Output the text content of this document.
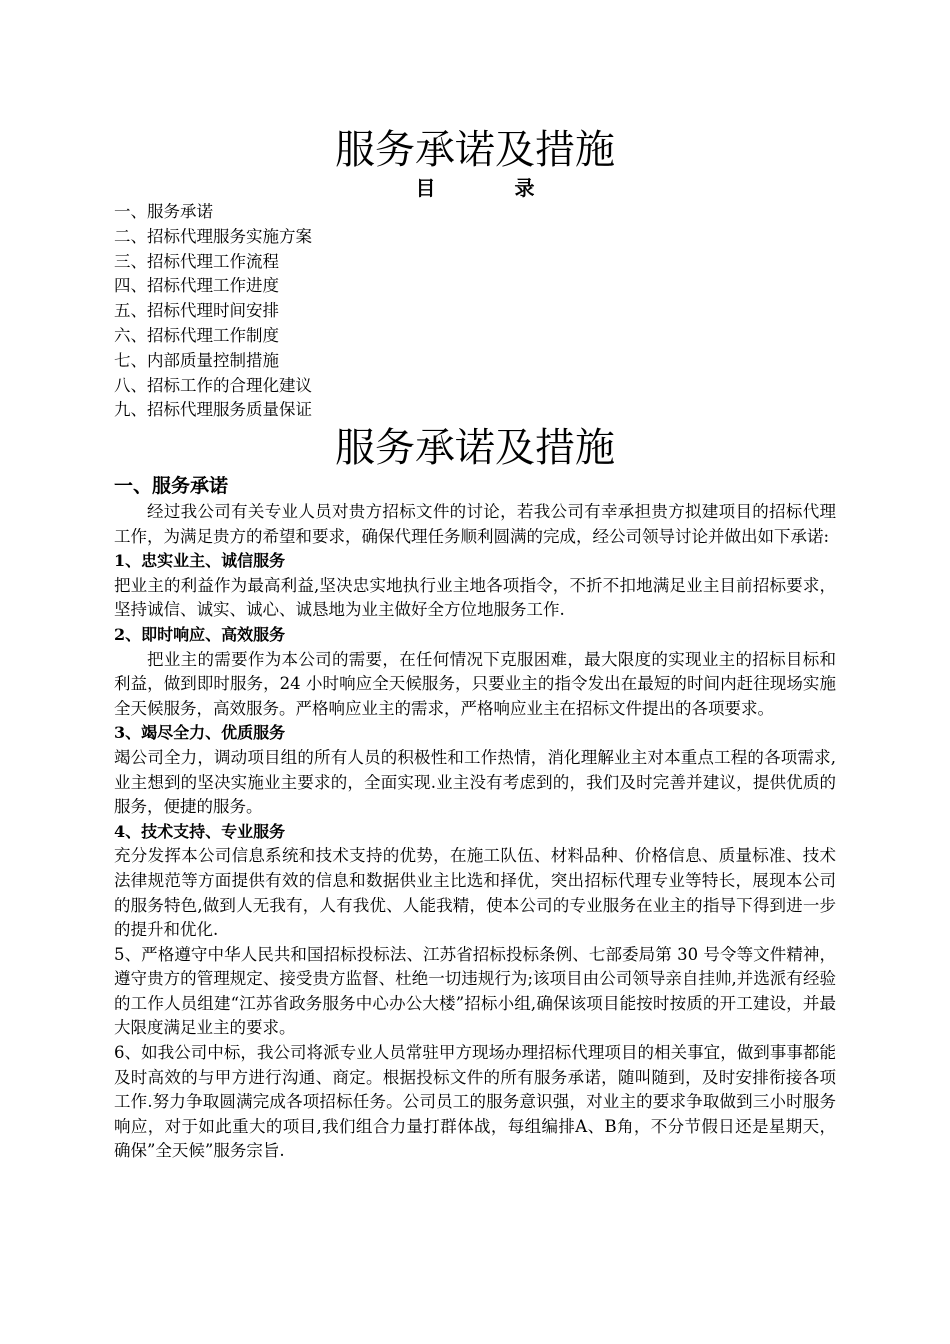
服务承诺及措施
目 录
一、服务承诺
二、招标代理服务实施方案
三、招标代理工作流程
四、招标代理工作进度
五、招标代理时间安排
六、招标代理工作制度
七、内部质量控制措施
八、招标工作的合理化建议
九、招标代理服务质量保证
服务承诺及措施
一、服务承诺

经过我公司有关专业人员对贵方招标文件的讨论，若我公司有幸承担贵方拟建项目的招标代理工作，为满足贵方的希望和要求，确保代理任务顺利圆满的完成，经公司领导讨论并做出如下承诺:

1、忠实业主、诚信服务

把业主的利益作为最高利益,坚决忠实地执行业主地各项指令，不折不扣地满足业主目前招标要求，坚持诚信、诚实、诚心、诚恳地为业主做好全方位地服务工作.

2、即时响应、高效服务

把业主的需要作为本公司的需要，在任何情况下克服困难，最大限度的实现业主的招标目标和利益，做到即时服务，24 小时响应全天候服务，只要业主的指令发出在最短的时间内赶往现场实施全天候服务，高效服务。严格响应业主的需求，严格响应业主在招标文件提出的各项要求。

3、竭尽全力、优质服务

竭公司全力，调动项目组的所有人员的积极性和工作热情，消化理解业主对本重点工程的各项需求,业主想到的坚决实施业主要求的，全面实现.业主没有考虑到的，我们及时完善并建议，提供优质的服务，便捷的服务。

4、技术支持、专业服务

充分发挥本公司信息系统和技术支持的优势，在施工队伍、材料品种、价格信息、质量标准、技术法律规范等方面提供有效的信息和数据供业主比选和择优，突出招标代理专业等特长，展现本公司的服务特色,做到人无我有，人有我优、人能我精，使本公司的专业服务在业主的指导下得到进一步的提升和优化.

5、严格遵守中华人民共和国招标投标法、江苏省招标投标条例、七部委局第 30 号令等文件精神，遵守贵方的管理规定、接受贵方监督、杜绝一切违规行为;该项目由公司领导亲自挂帅,并选派有经验的工作人员组建“江苏省政务服务中心办公大楼”招标小组,确保该项目能按时按质的开工建设，并最大限度满足业主的要求。

6、如我公司中标，我公司将派专业人员常驻甲方现场办理招标代理项目的相关事宜，做到事事都能及时高效的与甲方进行沟通、商定。根据投标文件的所有服务承诺，随叫随到，及时安排衔接各项工作.努力争取圆满完成各项招标任务。公司员工的服务意识强，对业主的要求争取做到三小时服务响应，对于如此重大的项目,我们组合力量打群体战，每组编排A、B角，不分节假日还是星期天，确保”全天候”服务宗旨.
